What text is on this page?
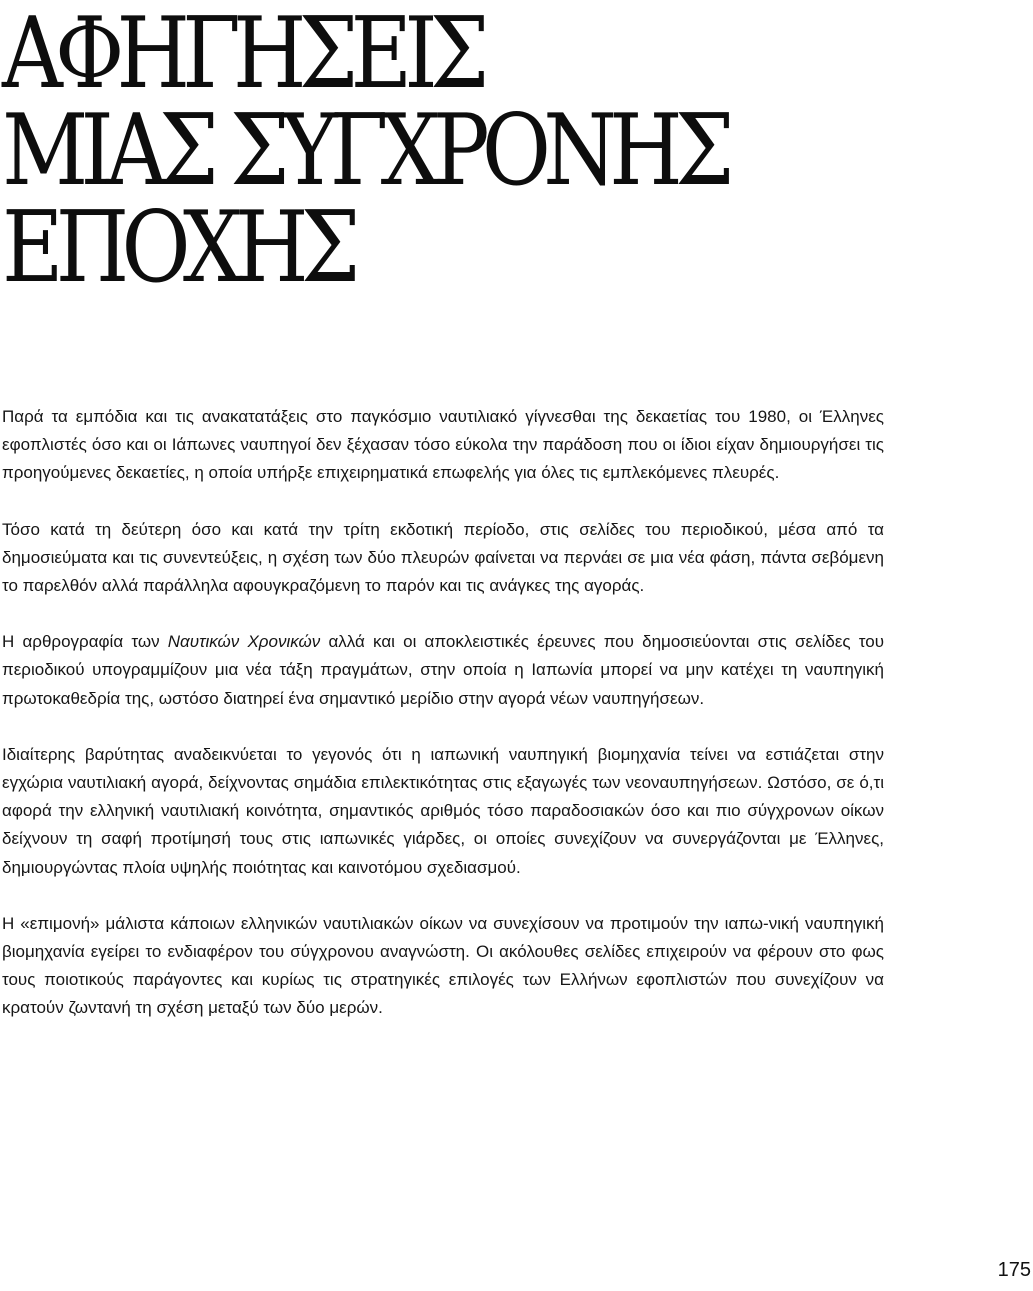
ΑΦΗΓΗΣΕΙΣ
ΜΙΑΣ ΣΥΓΧΡΟΝΗΣ
ΕΠΟΧΗΣ

Παρά τα εμπόδια και τις ανακατατάξεις στο παγκόσμιο ναυτιλιακό γίγνεσθαι της δεκαετίας του 1980, οι Έλληνες εφοπλιστές όσο και οι Ιάπωνες ναυπηγοί δεν ξέχασαν τόσο εύκολα την παράδοση που οι ίδιοι είχαν δημιουργήσει τις προηγούμενες δεκαετίες, η οποία υπήρξε επιχειρηματικά επωφελής για όλες τις εμπλεκόμενες πλευρές.

Τόσο κατά τη δεύτερη όσο και κατά την τρίτη εκδοτική περίοδο, στις σελίδες του περιοδικού, μέσα από τα δημοσιεύματα και τις συνεντεύξεις, η σχέση των δύο πλευρών φαίνεται να περνάει σε μια νέα φάση, πάντα σεβόμενη το παρελθόν αλλά παράλληλα αφουγκραζόμενη το παρόν και τις ανάγκες της αγοράς.

Η αρθρογραφία των Ναυτικών Χρονικών αλλά και οι αποκλειστικές έρευνες που δημοσιεύονται στις σελίδες του περιοδικού υπογραμμίζουν μια νέα τάξη πραγμάτων, στην οποία η Ιαπωνία μπορεί να μην κατέχει τη ναυπηγική πρωτοκαθεδρία της, ωστόσο διατηρεί ένα σημαντικό μερίδιο στην αγορά νέων ναυπηγήσεων.

Ιδιαίτερης βαρύτητας αναδεικνύεται το γεγονός ότι η ιαπωνική ναυπηγική βιομηχανία τείνει να εστιάζεται στην εγχώρια ναυτιλιακή αγορά, δείχνοντας σημάδια επιλεκτικότητας στις εξαγωγές των νεοναυπηγήσεων. Ωστόσο, σε ό,τι αφορά την ελληνική ναυτιλιακή κοινότητα, σημαντικός αριθμός τόσο παραδοσιακών όσο και πιο σύγχρονων οίκων δείχνουν τη σαφή προτίμησή τους στις ιαπωνικές γιάρδες, οι οποίες συνεχίζουν να συνεργάζονται με Έλληνες, δημιουργώντας πλοία υψηλής ποιότητας και καινοτόμου σχεδιασμού.

Η «επιμονή» μάλιστα κάποιων ελληνικών ναυτιλιακών οίκων να συνεχίσουν να προτιμούν την ιαπω-νική ναυπηγική βιομηχανία εγείρει το ενδιαφέρον του σύγχρονου αναγνώστη. Οι ακόλουθες σελίδες επιχειρούν να φέρουν στο φως τους ποιοτικούς παράγοντες και κυρίως τις στρατηγικές επιλογές των Ελλήνων εφοπλιστών που συνεχίζουν να κρατούν ζωντανή τη σχέση μεταξύ των δύο μερών.

175
